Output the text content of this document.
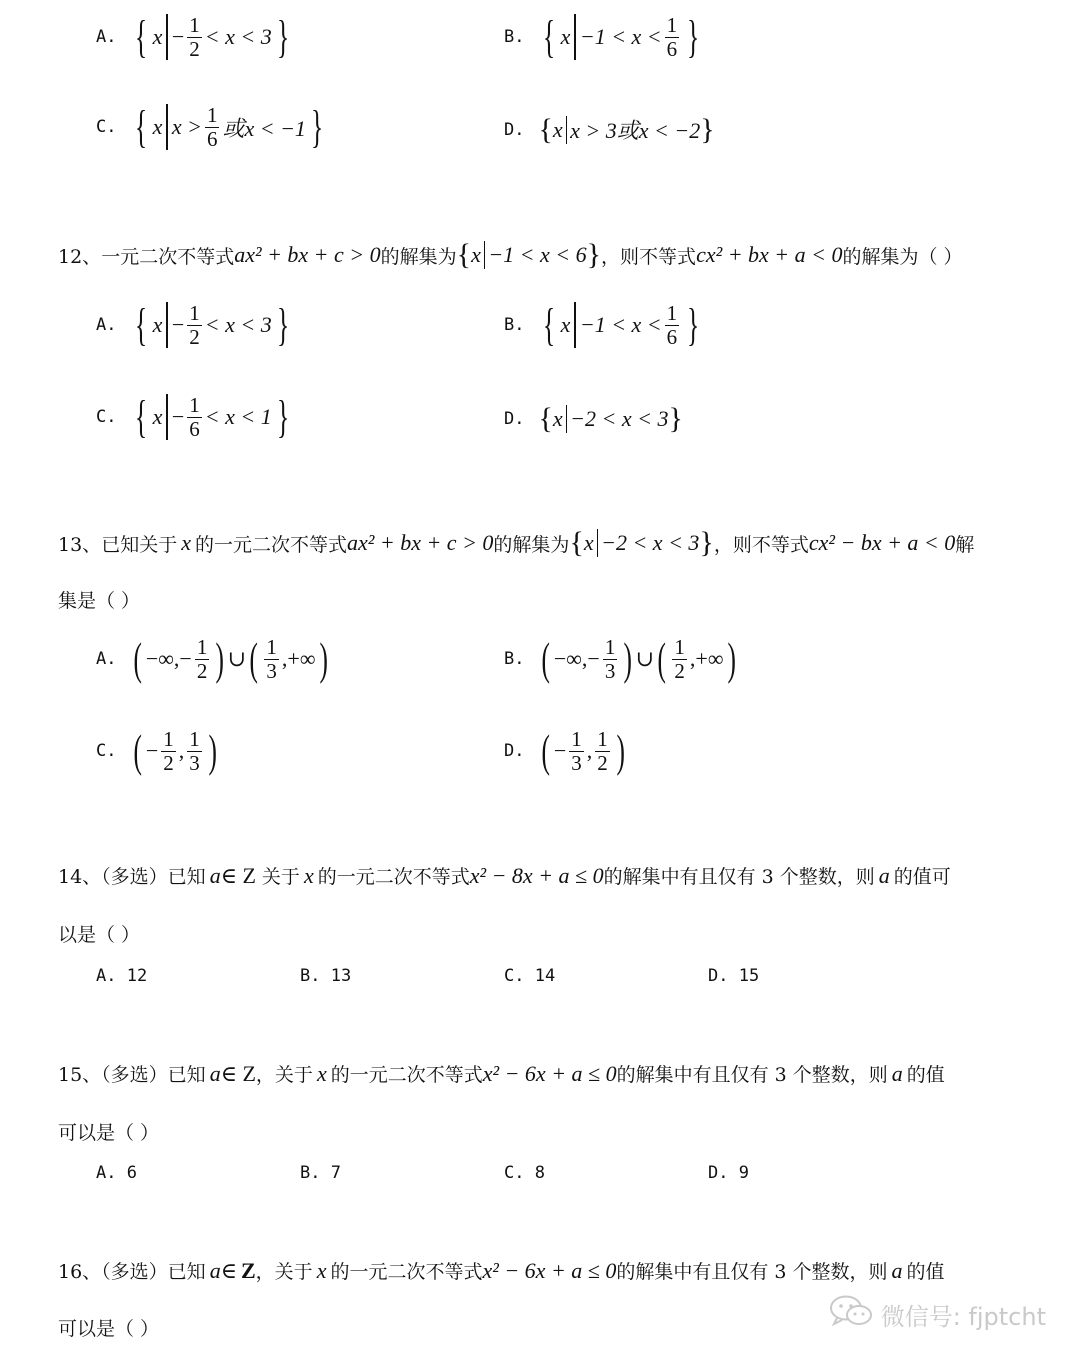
A. { $x - \frac{1}{2} < x < 3$ }	B. { $x -1 < x < \frac{1}{6}$ }
C. { x $x > \frac{1}{6}$ 或x < −1 }	D. { x x > 3或x < −2 }
12、 一元二次不等式 ax² + bx + c > 0 的解集为 { x −1 < x < 6 } ，则不等式 cx² + bx + a < 0 的解集为（ ）
A. { $x - \frac{1}{2} < x < 3$ }	B. { $x -1 < x < \frac{1}{6}$ }
C. { $x - \frac{1}{6} < x < 1$ }	D. { x −2 < x < 3 }
13、 已知关于 x 的一元二次不等式 ax² + bx + c > 0 的解集为 { x −2 < x < 3 } ，则不等式 cx² − bx + a < 0 解
集是（ ）
A. ( −∞,− $\frac{1}{2}$ ) ∪ ( $\frac{1}{3}$ ,+∞ )	B. ( −∞,− $\frac{1}{3}$ ) ∪ ( $\frac{1}{2}$ ,+∞ )
C. ( − $\frac{1}{2}$ , $\frac{1}{3}$ )	D. ( − $\frac{1}{3}$ , $\frac{1}{2}$ )
14、（多选）已知 a ∈ Z 关于 x 的一元二次不等式 x² − 8x + a ≤ 0 的解集中有且仅有 3 个整数，则 a 的值可
以是（ ）
A. 12	B. 13	C. 14	D. 15
15、（多选）已知 a ∈ Z ，关于 x 的一元二次不等式 x² − 6x + a ≤ 0 的解集中有且仅有 3 个整数，则 a 的值
可以是（ ）
A. 6	B. 7	C. 8	D. 9
16、（多选）已知 a ∈ Z ，关于 x 的一元二次不等式 x² − 6x + a ≤ 0 的解集中有且仅有 3 个整数，则 a 的值
可以是（ ）	微信号: fjptcht
